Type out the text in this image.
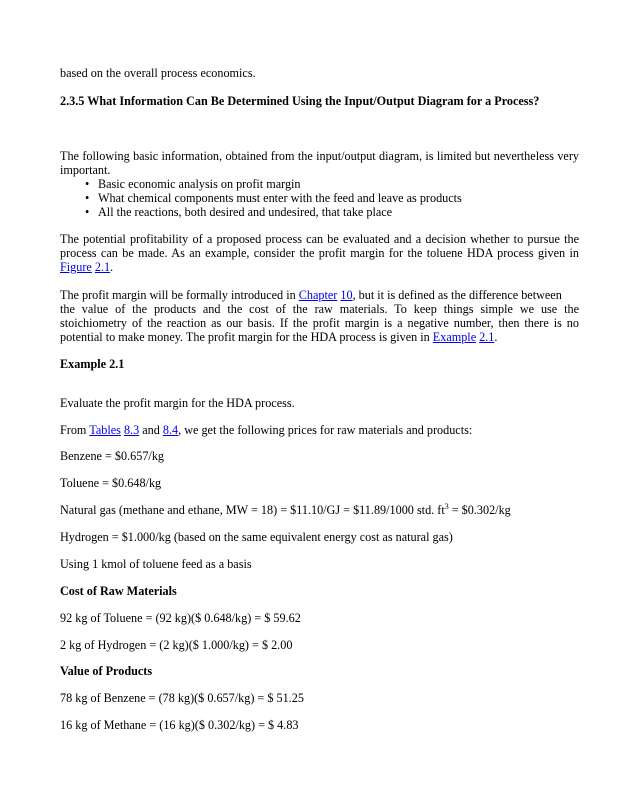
based on the overall process economics.
2.3.5 What Information Can Be Determined Using the Input/Output Diagram for a Process?
The following basic information, obtained from the input/output diagram, is limited but nevertheless very
important.
• Basic economic analysis on profit margin
• What chemical components must enter with the feed and leave as products
• All the reactions, both desired and undesired, that take place
The potential profitability of a proposed process can be evaluated and a decision whether to pursue the
process can be made. As an example, consider the profit margin for the toluene HDA process given in
Figure 2.1.
The profit margin will be formally introduced in Chapter 10, but it is defined as the difference between
the value of the products and the cost of the raw materials. To keep things simple we use the
stoichiometry of the reaction as our basis. If the profit margin is a negative number, then there is no
potential to make money. The profit margin for the HDA process is given in Example 2.1.
Example 2.1
Evaluate the profit margin for the HDA process.
From Tables 8.3 and 8.4, we get the following prices for raw materials and products:
Benzene = $0.657/kg
Toluene = $0.648/kg
Natural gas (methane and ethane, MW = 18) = $11.10/GJ = $11.89/1000 std. $ft^3$ = $0.302/kg
Hydrogen = $1.000/kg (based on the same equivalent energy cost as natural gas)
Using 1 kmol of toluene feed as a basis
Cost of Raw Materials
92 kg of Toluene = (92 kg)($ 0.648/kg) = $ 59.62
2 kg of Hydrogen = (2 kg)($ 1.000/kg) = $ 2.00
Value of Products
78 kg of Benzene = (78 kg)($ 0.657/kg) = $ 51.25
16 kg of Methane = (16 kg)($ 0.302/kg) = $ 4.83
